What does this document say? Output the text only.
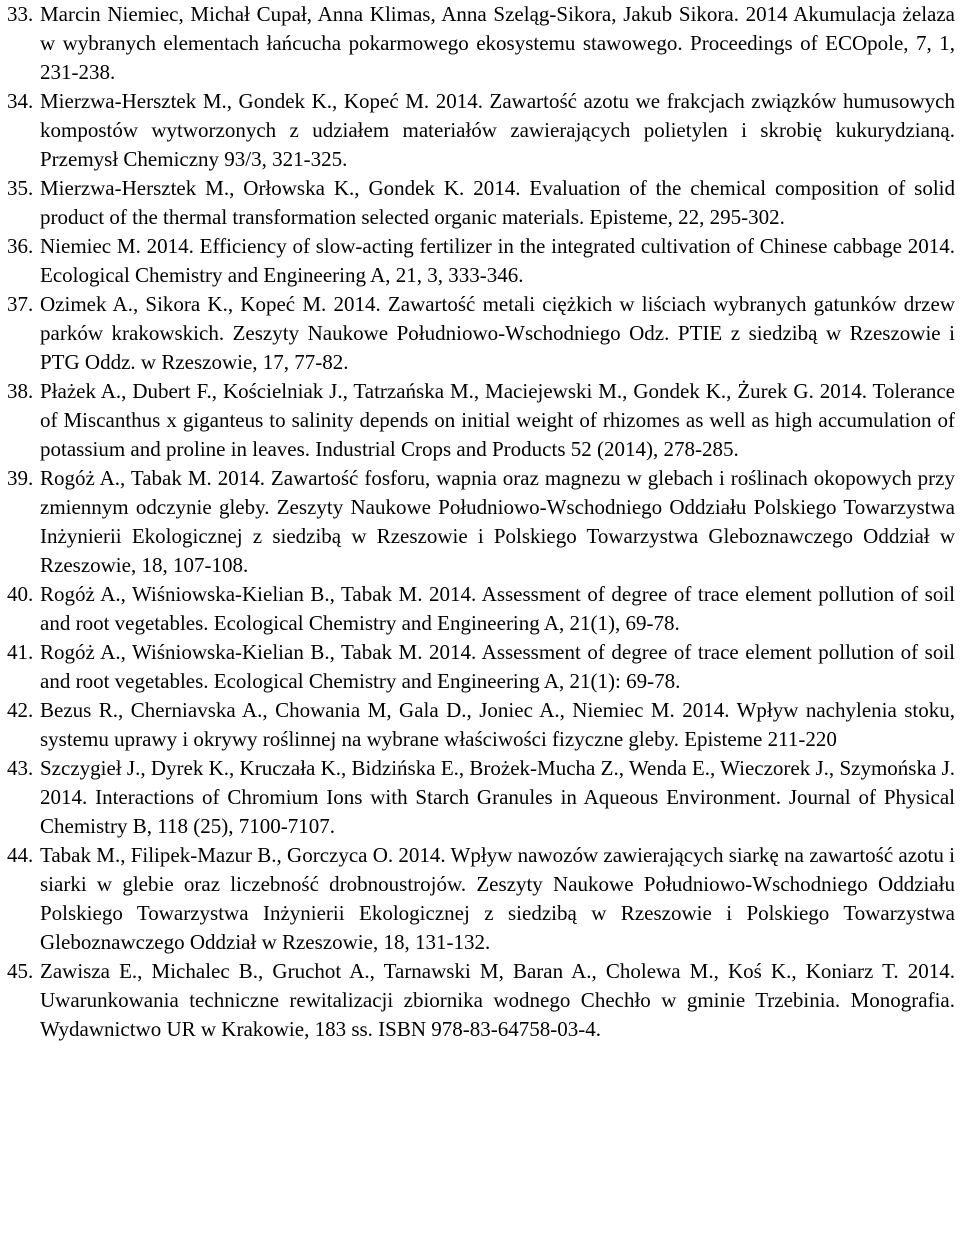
33. Marcin Niemiec, Michał Cupał, Anna Klimas, Anna Szeląg-Sikora, Jakub Sikora. 2014 Akumulacja żelaza w wybranych elementach łańcucha pokarmowego ekosystemu stawowego. Proceedings of ECOpole, 7, 1, 231-238.
34. Mierzwa-Hersztek M., Gondek K., Kopeć M. 2014. Zawartość azotu we frakcjach związków humusowych kompostów wytworzonych z udziałem materiałów zawierających polietylen i skrobię kukurydzianą. Przemysł Chemiczny 93/3, 321-325.
35. Mierzwa-Hersztek M., Orłowska K., Gondek K. 2014. Evaluation of the chemical composition of solid product of the thermal transformation selected organic materials. Episteme, 22, 295-302.
36. Niemiec M. 2014. Efficiency of slow-acting fertilizer in the integrated cultivation of Chinese cabbage 2014. Ecological Chemistry and Engineering A, 21, 3, 333-346.
37. Ozimek A., Sikora K., Kopeć M. 2014. Zawartość metali ciężkich w liściach wybranych gatunków drzew parków krakowskich. Zeszyty Naukowe Południowo-Wschodniego Odz. PTIE z siedzibą w Rzeszowie i PTG Oddz. w Rzeszowie, 17, 77-82.
38. Płażek A., Dubert F., Kościelniak J., Tatrzańska M., Maciejewski M., Gondek K., Żurek G. 2014. Tolerance of Miscanthus x giganteus to salinity depends on initial weight of rhizomes as well as high accumulation of potassium and proline in leaves. Industrial Crops and Products 52 (2014), 278-285.
39. Rogóż A., Tabak M. 2014. Zawartość fosforu, wapnia oraz magnezu w glebach i roślinach okopowych przy zmiennym odczynie gleby. Zeszyty Naukowe Południowo-Wschodniego Oddziału Polskiego Towarzystwa Inżynierii Ekologicznej z siedzibą w Rzeszowie i Polskiego Towarzystwa Gleboznawczego Oddział w Rzeszowie, 18, 107-108.
40. Rogóż A., Wiśniowska-Kielian B., Tabak M. 2014. Assessment of degree of trace element pollution of soil and root vegetables. Ecological Chemistry and Engineering A, 21(1), 69-78.
41. Rogóż A., Wiśniowska-Kielian B., Tabak M. 2014. Assessment of degree of trace element pollution of soil and root vegetables. Ecological Chemistry and Engineering A, 21(1): 69-78.
42. Bezus R., Cherniavska A., Chowania M, Gala D., Joniec A., Niemiec M. 2014. Wpływ nachylenia stoku, systemu uprawy i okrywy roślinnej na wybrane właściwości fizyczne gleby. Episteme 211-220
43. Szczygieł J., Dyrek K., Kruczała K., Bidzińska E., Brożek-Mucha Z., Wenda E., Wieczorek J., Szymońska J. 2014. Interactions of Chromium Ions with Starch Granules in Aqueous Environment. Journal of Physical Chemistry B, 118 (25), 7100-7107.
44. Tabak M., Filipek-Mazur B., Gorczyca O. 2014. Wpływ nawozów zawierających siarkę na zawartość azotu i siarki w glebie oraz liczebność drobnoustrojów. Zeszyty Naukowe Południowo-Wschodniego Oddziału Polskiego Towarzystwa Inżynierii Ekologicznej z siedzibą w Rzeszowie i Polskiego Towarzystwa Gleboznawczego Oddział w Rzeszowie, 18, 131-132.
45. Zawisza E., Michalec B., Gruchot A., Tarnawski M, Baran A., Cholewa M., Koś K., Koniarz T. 2014. Uwarunkowania techniczne rewitalizacji zbiornika wodnego Chechło w gminie Trzebinia. Monografia. Wydawnictwo UR w Krakowie, 183 ss. ISBN 978-83-64758-03-4.
